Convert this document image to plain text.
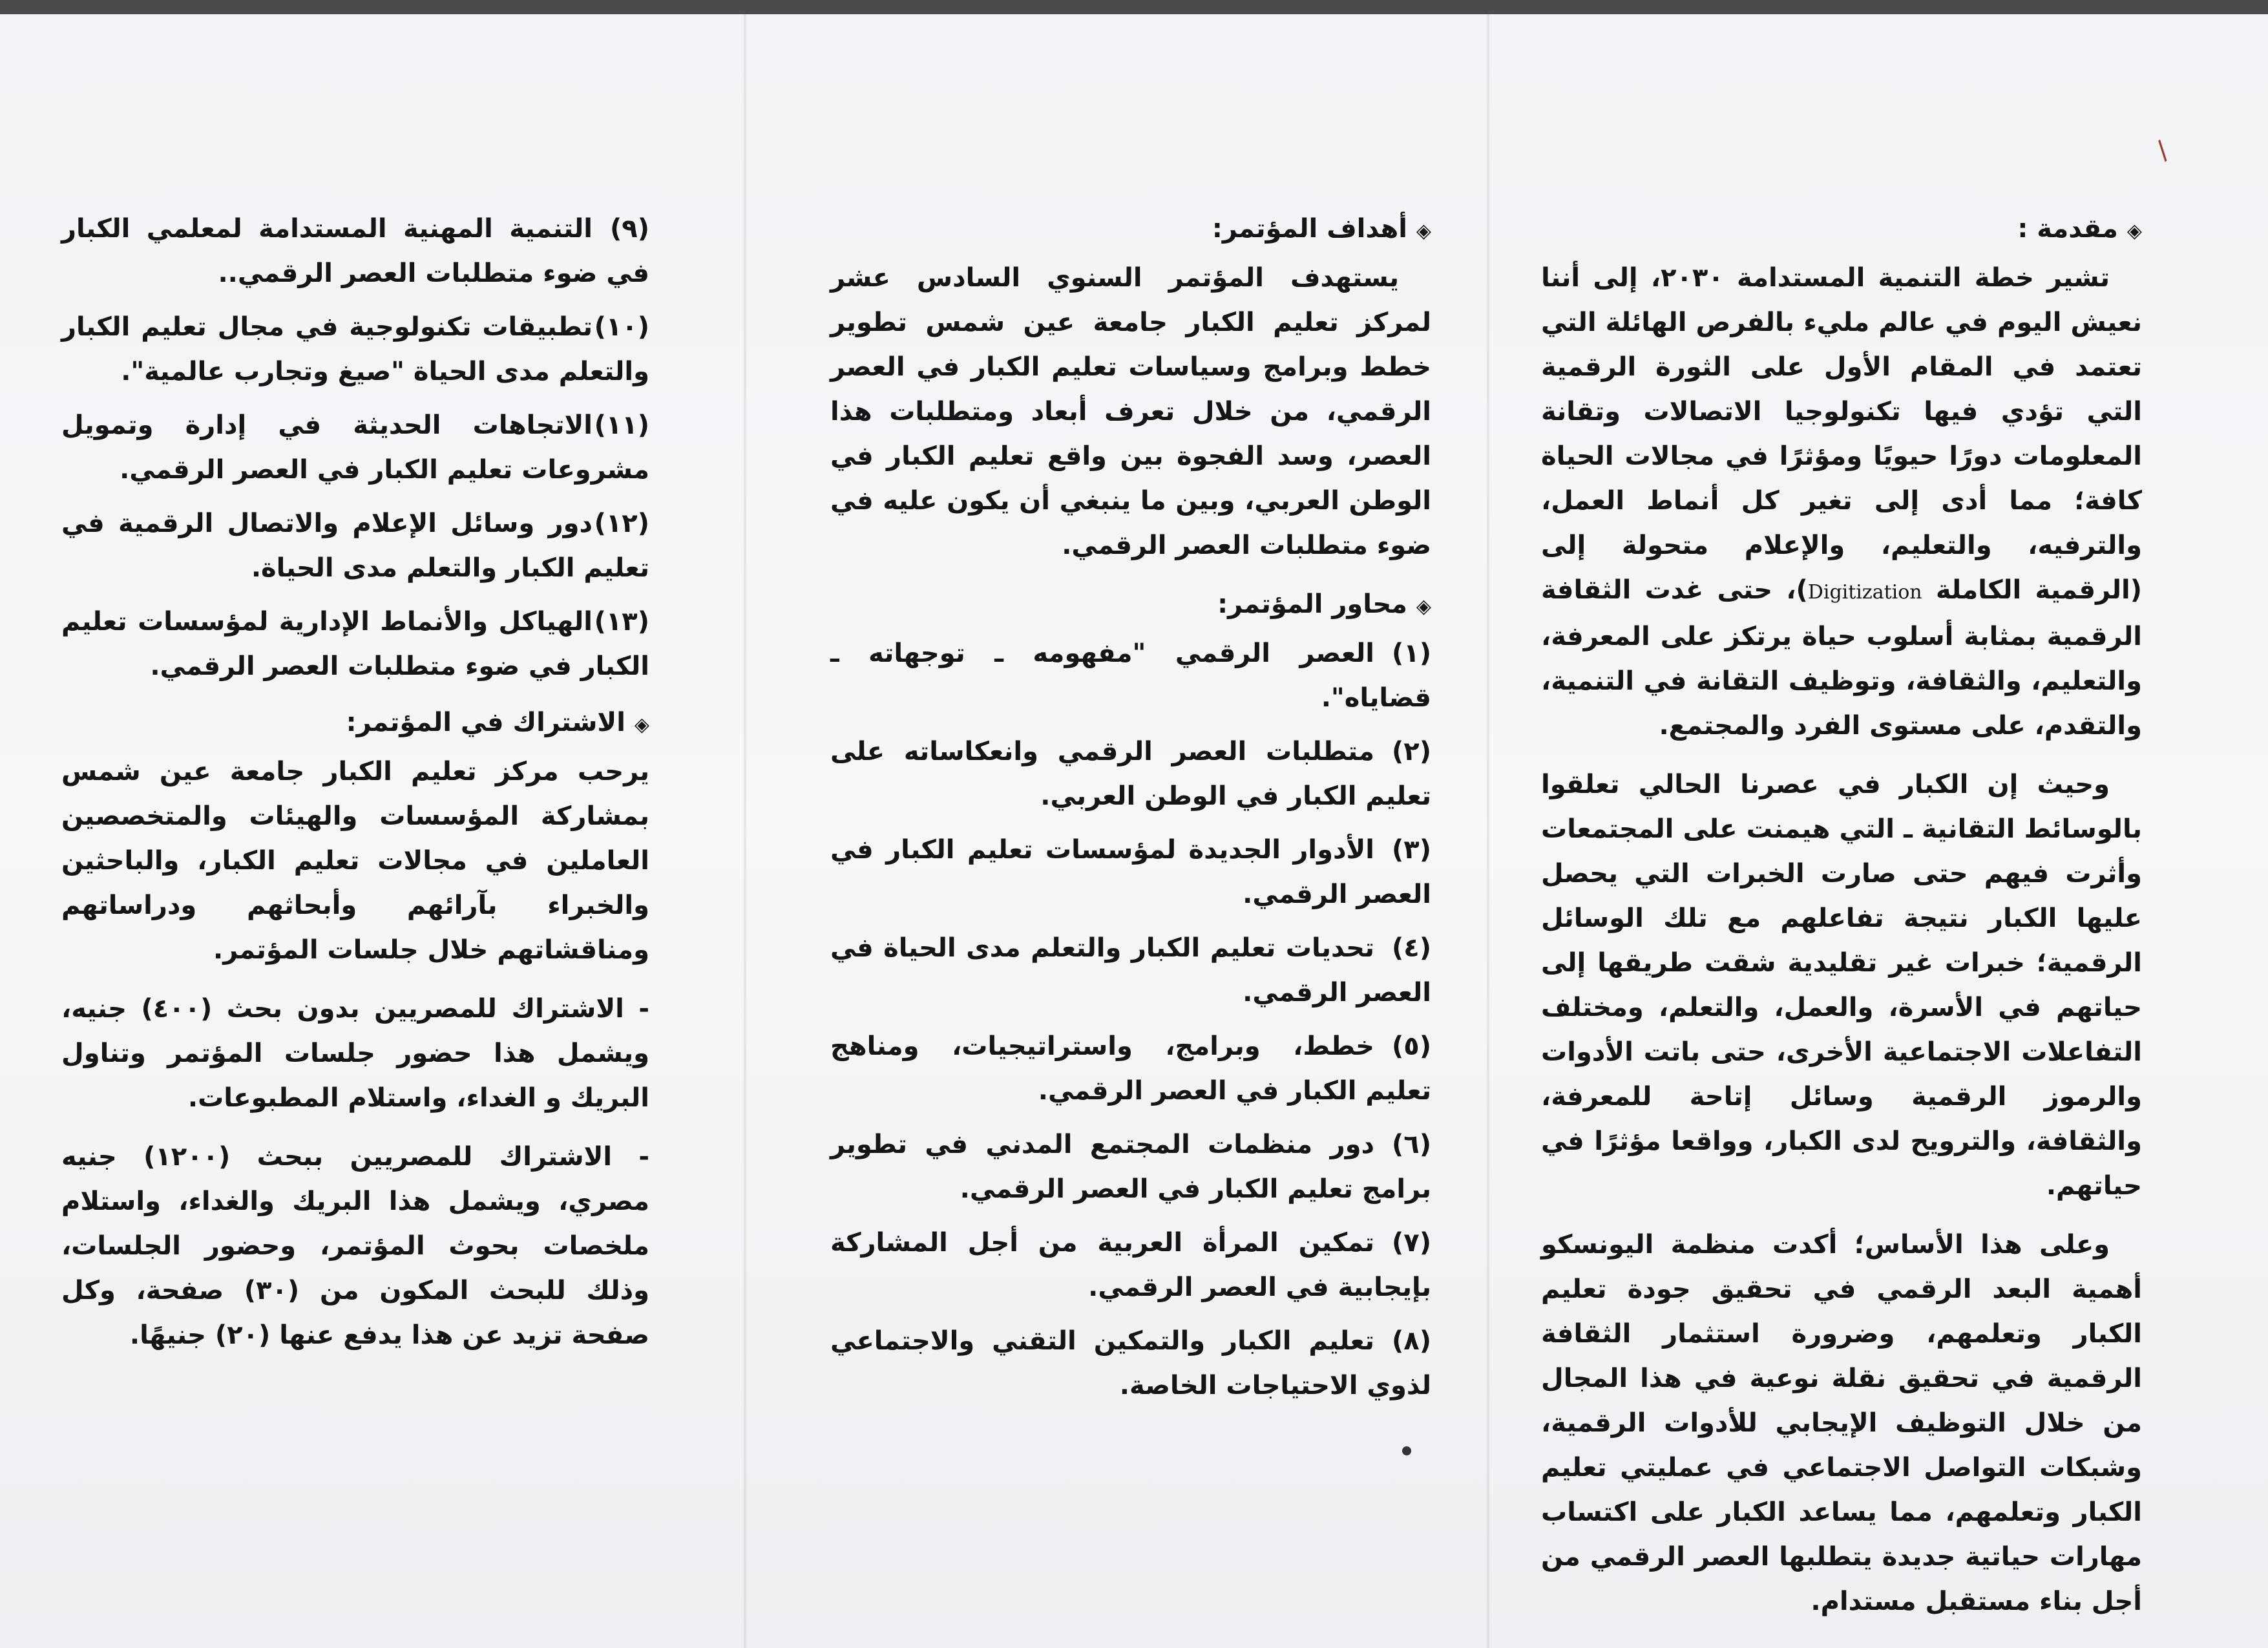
/
◈مقدمة :

تشير خطة التنمية المستدامة ٢٠٣٠، إلى أننا نعيش اليوم في عالم مليء بالفرص الهائلة التي تعتمد في المقام الأول على الثورة الرقمية التي تؤدي فيها تكنولوجيا الاتصالات وتقانة المعلومات دورًا حيويًا ومؤثرًا في مجالات الحياة كافة؛ مما أدى إلى تغير كل أنماط العمل، والترفيه، والتعليم، والإعلام متحولة إلى (الرقمية الكاملة Digitization)، حتى غدت الثقافة الرقمية بمثابة أسلوب حياة يرتكز على المعرفة، والتعليم، والثقافة، وتوظيف التقانة في التنمية، والتقدم، على مستوى الفرد والمجتمع.

وحيث إن الكبار في عصرنا الحالي تعلقوا بالوسائط التقانية ـ التي هيمنت على المجتمعات وأثرت فيهم حتى صارت الخبرات التي يحصل عليها الكبار نتيجة تفاعلهم مع تلك الوسائل الرقمية؛ خبرات غير تقليدية شقت طريقها إلى حياتهم في الأسرة، والعمل، والتعلم، ومختلف التفاعلات الاجتماعية الأخرى، حتى باتت الأدوات والرموز الرقمية وسائل إتاحة للمعرفة، والثقافة، والترويح لدى الكبار، وواقعا مؤثرًا في حياتهم.

وعلى هذا الأساس؛ أكدت منظمة اليونسكو أهمية البعد الرقمي في تحقيق جودة تعليم الكبار وتعلمهم، وضرورة استثمار الثقافة الرقمية في تحقيق نقلة نوعية في هذا المجال من خلال التوظيف الإيجابي للأدوات الرقمية، وشبكات التواصل الاجتماعي في عمليتي تعليم الكبار وتعلمهم، مما يساعد الكبار على اكتساب مهارات حياتية جديدة يتطلبها العصر الرقمي من أجل بناء مستقبل مستدام.

◈أهداف المؤتمر:

يستهدف المؤتمر السنوي السادس عشر لمركز تعليم الكبار جامعة عين شمس تطوير خطط وبرامج وسياسات تعليم الكبار في العصر الرقمي، من خلال تعرف أبعاد ومتطلبات هذا العصر، وسد الفجوة بين واقع تعليم الكبار في الوطن العربي، وبين ما ينبغي أن يكون عليه في ضوء متطلبات العصر الرقمي.

◈محاور المؤتمر:
(١)العصر الرقمي "مفهومه ـ توجهاته ـ قضاياه".
(٢)متطلبات العصر الرقمي وانعكاساته على تعليم الكبار في الوطن العربي.
(٣)الأدوار الجديدة لمؤسسات تعليم الكبار في العصر الرقمي.
(٤)تحديات تعليم الكبار والتعلم مدى الحياة في العصر الرقمي.
(٥)خطط، وبرامج، واستراتيجيات، ومناهج تعليم الكبار في العصر الرقمي.
(٦)دور منظمات المجتمع المدني في تطوير برامج تعليم الكبار في العصر الرقمي.
(٧)تمكين المرأة العربية من أجل المشاركة بإيجابية في العصر الرقمي.
(٨)تعليم الكبار والتمكين التقني والاجتماعي لذوي الاحتياجات الخاصة.
(٩)التنمية المهنية المستدامة لمعلمي الكبار في ضوء متطلبات العصر الرقمي..
(١٠)تطبيقات تكنولوجية في مجال تعليم الكبار والتعلم مدى الحياة "صيغ وتجارب عالمية".
(١١)الاتجاهات الحديثة في إدارة وتمويل مشروعات تعليم الكبار في العصر الرقمي.
(١٢)دور وسائل الإعلام والاتصال الرقمية في تعليم الكبار والتعلم مدى الحياة.
(١٣)الهياكل والأنماط الإدارية لمؤسسات تعليم الكبار في ضوء متطلبات العصر الرقمي.
◈الاشتراك في المؤتمر:

يرحب مركز تعليم الكبار جامعة عين شمس بمشاركة المؤسسات والهيئات والمتخصصين العاملين في مجالات تعليم الكبار، والباحثين والخبراء بآرائهم وأبحاثهم ودراساتهم ومناقشاتهم خلال جلسات المؤتمر.

- الاشتراك للمصريين بدون بحث (٤٠٠) جنيه، ويشمل هذا حضور جلسات المؤتمر وتناول البريك و الغداء، واستلام المطبوعات.

- الاشتراك للمصريين ببحث (١٢٠٠) جنيه مصري، ويشمل هذا البريك والغداء، واستلام ملخصات بحوث المؤتمر، وحضور الجلسات، وذلك للبحث المكون من (٣٠) صفحة، وكل صفحة تزيد عن هذا يدفع عنها (٢٠) جنيهًا.
